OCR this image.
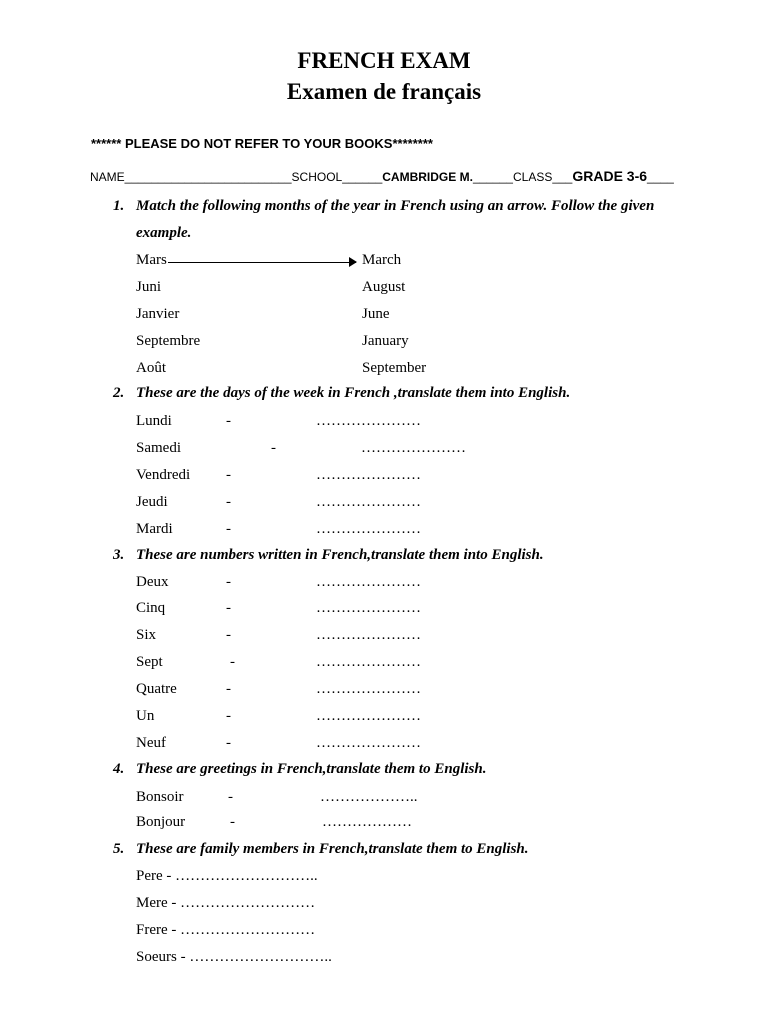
FRENCH EXAM
Examen de français
****** PLEASE DO NOT REFER TO YOUR BOOKS********
NAME_________________________SCHOOL______CAMBRIDGE M.______CLASS___GRADE 3-6____
1. Match the following months of the year in French using an arrow. Follow the given
example.
Mars	March
Juni	August
Janvier	June
Septembre	January
Août	September
2. These are the days of the week in French ,translate them into English.
Lundi	-	…………………
Samedi	-	…………………
Vendredi -	…………………
Jeudi	-	…………………
Mardi	-	…………………
3. These are numbers written in French,translate them into English.
Deux	-	…………………
Cinq	-	…………………
Six	-	…………………
Sept	-	…………………
Quatre	-	…………………
Un	-	…………………
Neuf	-	…………………
4. These are greetings in French,translate them to English.
Bonsoir	-	………………..
Bonjour	-	………………
5. These are family members in French,translate them to English.
Pere - ………………………..
Mere - ………………………
Frere - ………………………
Soeurs - ………………………..
